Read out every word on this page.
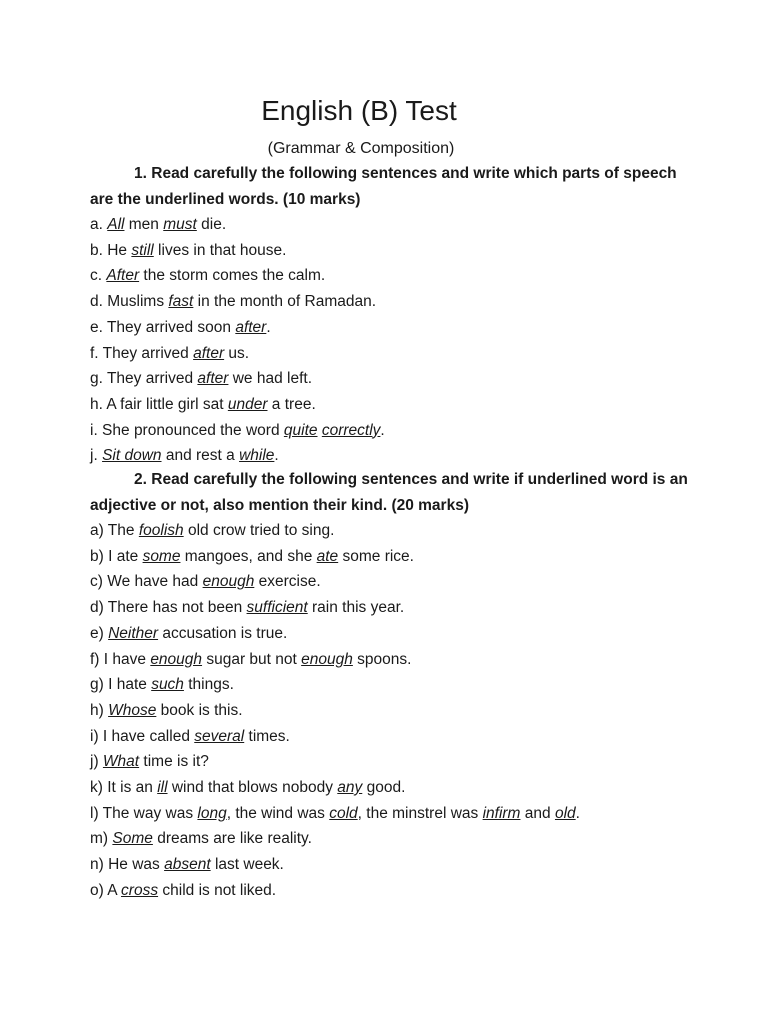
English (B) Test
(Grammar & Composition)

1. Read carefully the following sentences and write which parts of speech are the underlined words. (10 marks)

a. All men must die.
b. He still lives in that house.
c. After the storm comes the calm.
d. Muslims fast in the month of Ramadan.
e. They arrived soon after.
f. They arrived after us.
g. They arrived after we had left.
h. A fair little girl sat under a tree.
i. She pronounced the word quite correctly.
j. Sit down and rest a while.

2. Read carefully the following sentences and write if underlined word is an adjective or not, also mention their kind. (20 marks)

a) The foolish old crow tried to sing.
b) I ate some mangoes, and she ate some rice.
c) We have had enough exercise.
d) There has not been sufficient rain this year.
e) Neither accusation is true.
f) I have enough sugar but not enough spoons.
g) I hate such things.
h) Whose book is this.
i) I have called several times.
j) What time is it?
k) It is an ill wind that blows nobody any good.
l) The way was long, the wind was cold, the minstrel was infirm and old.
m) Some dreams are like reality.
n) He was absent last week.
o) A cross child is not liked.
